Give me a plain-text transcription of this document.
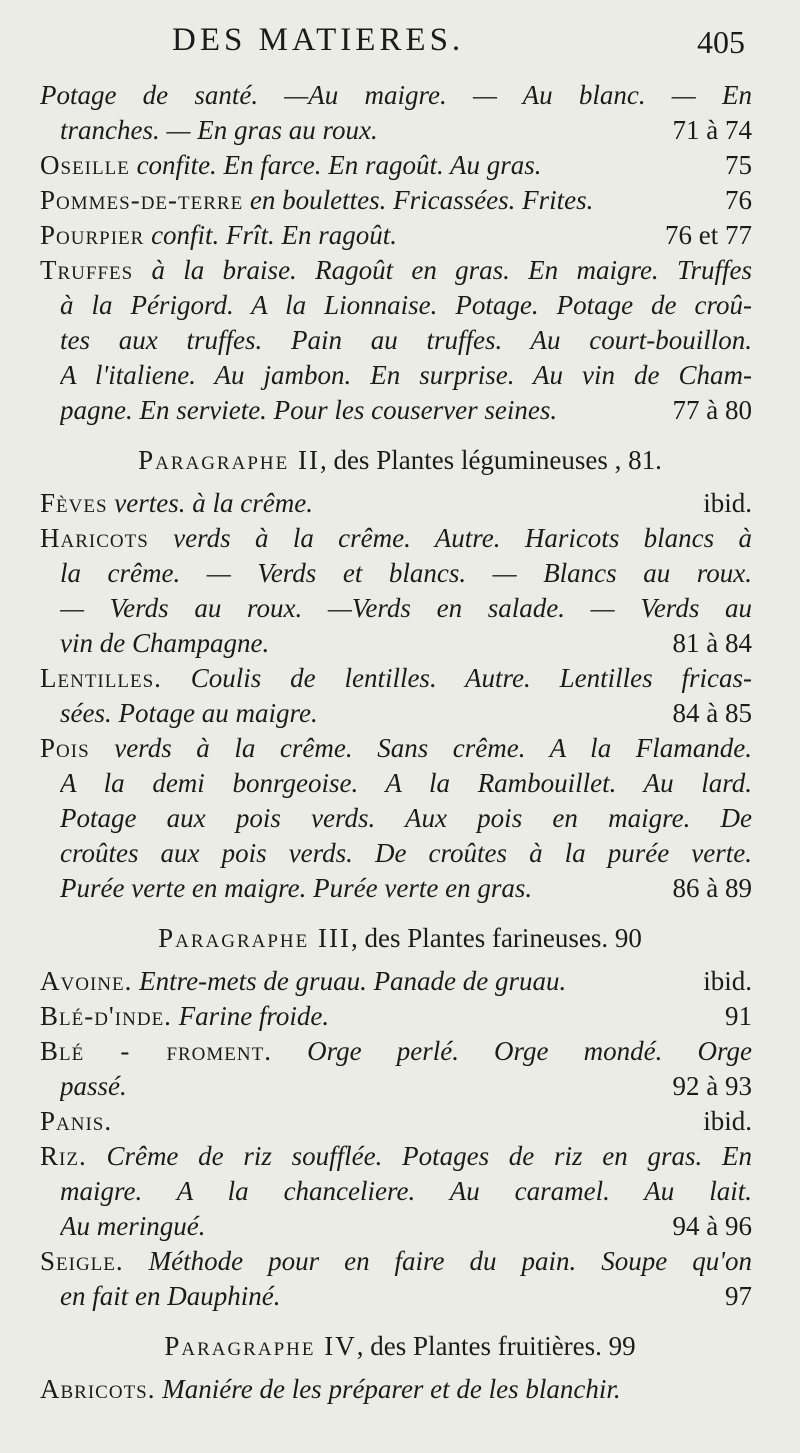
DES MATIERES.	405
Potage de santé. —Au maigre. — Au blanc. — En
tranches. — En gras au roux.	71 à 74
Oseille confite. En farce. En ragoût. Au gras.	75
Pommes-de-terre en boulettes. Fricassées. Frites.	76
Pourpier confit. Frît. En ragoût.	76 et 77
Truffes à la braise. Ragoût en gras. En maigre. Truffes
à la Périgord. A la Lionnaise. Potage. Potage de croû-
tes aux truffes. Pain au truffes. Au court-bouillon.
A l'italiene. Au jambon. En surprise. Au vin de Cham-
pagne. En serviete. Pour les couserver seines.	77 à 80
Paragraphe II, des Plantes légumineuses , 81.
Fèves vertes. à la crême.	ibid.
Haricots verds à la crême. Autre. Haricots blancs à
la crême. — Verds et blancs. — Blancs au roux.
— Verds au roux. —Verds en salade. — Verds au
vin de Champagne.	81 à 84
Lentilles. Coulis de lentilles. Autre. Lentilles fricas-
sées. Potage au maigre.	84 à 85
Pois verds à la crême. Sans crême. A la Flamande.
A la demi bonrgeoise. A la Rambouillet. Au lard.
Potage aux pois verds. Aux pois en maigre. De
croûtes aux pois verds. De croûtes à la purée verte.
Purée verte en maigre. Purée verte en gras.	86 à 89
Paragraphe III, des Plantes farineuses. 90
Avoine. Entre-mets de gruau. Panade de gruau.	ibid.
Blé-d'inde. Farine froide.	91
Blé - froment. Orge perlé. Orge mondé. Orge
passé.	92 à 93
Panis.	ibid.
Riz. Crême de riz soufflée. Potages de riz en gras. En
maigre. A la chanceliere. Au caramel. Au lait.
Au meringué.	94 à 96
Seigle. Méthode pour en faire du pain. Soupe qu'on
en fait en Dauphiné.	97
Paragraphe IV, des Plantes fruitières. 99
Abricots. Maniére de les préparer et de les blanchir.
